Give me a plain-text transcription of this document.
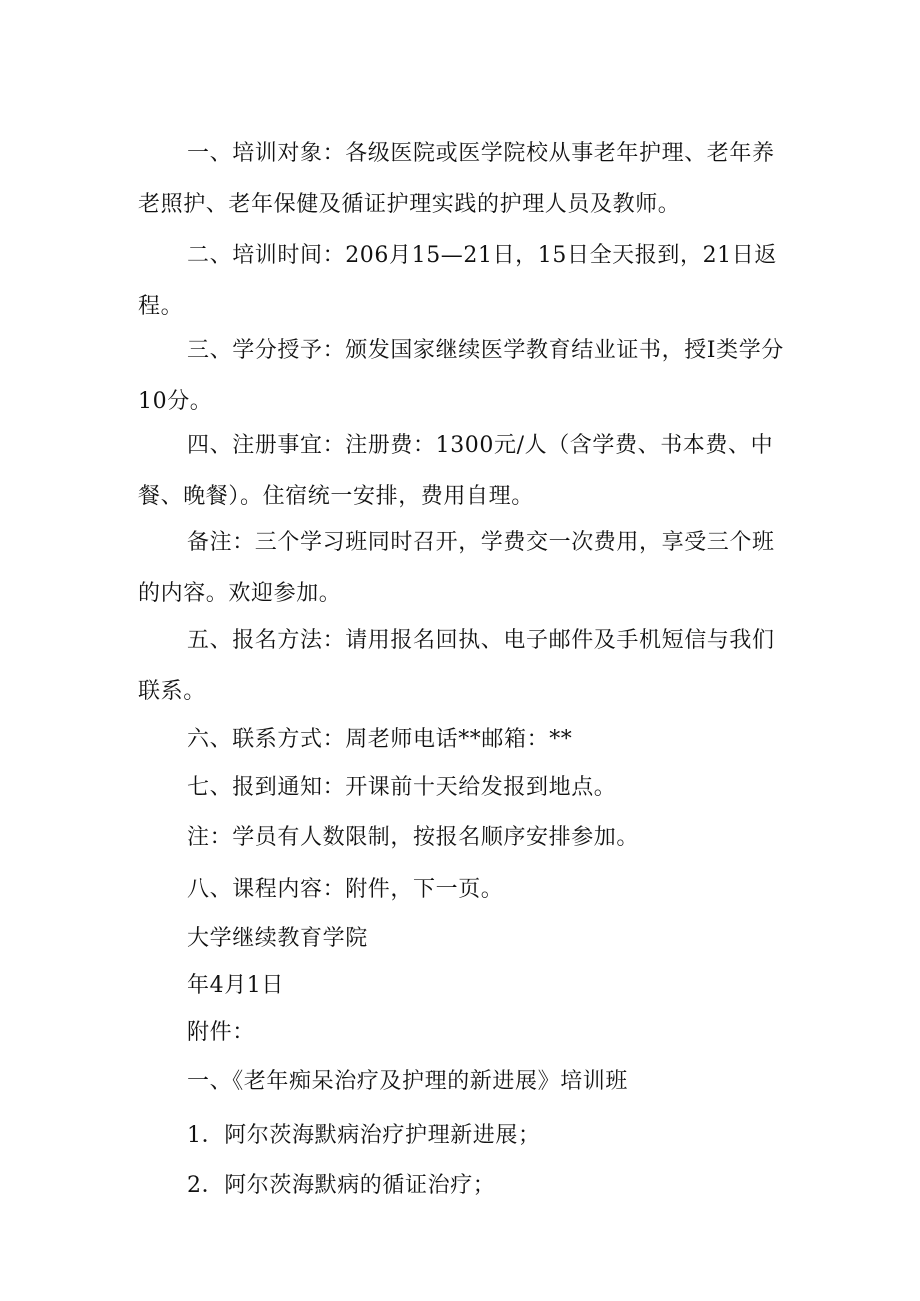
一、培训对象：各级医院或医学院校从事老年护理、老年养老照护、老年保健及循证护理实践的护理人员及教师。

二、培训时间：206月15—21日，15日全天报到，21日返程。

三、学分授予：颁发国家继续医学教育结业证书，授Ⅰ类学分10分。

四、注册事宜：注册费：1300元/人（含学费、书本费、中餐、晚餐）。住宿统一安排，费用自理。

备注：三个学习班同时召开，学费交一次费用，享受三个班的内容。欢迎参加。

五、报名方法：请用报名回执、电子邮件及手机短信与我们联系。

六、联系方式：周老师电话**邮箱：**

七、报到通知：开课前十天给发报到地点。

注：学员有人数限制，按报名顺序安排参加。

八、课程内容：附件，下一页。

大学继续教育学院

年4月1日

附件：

一、《老年痴呆治疗及护理的新进展》培训班

1．阿尔茨海默病治疗护理新进展；

2．阿尔茨海默病的循证治疗；
